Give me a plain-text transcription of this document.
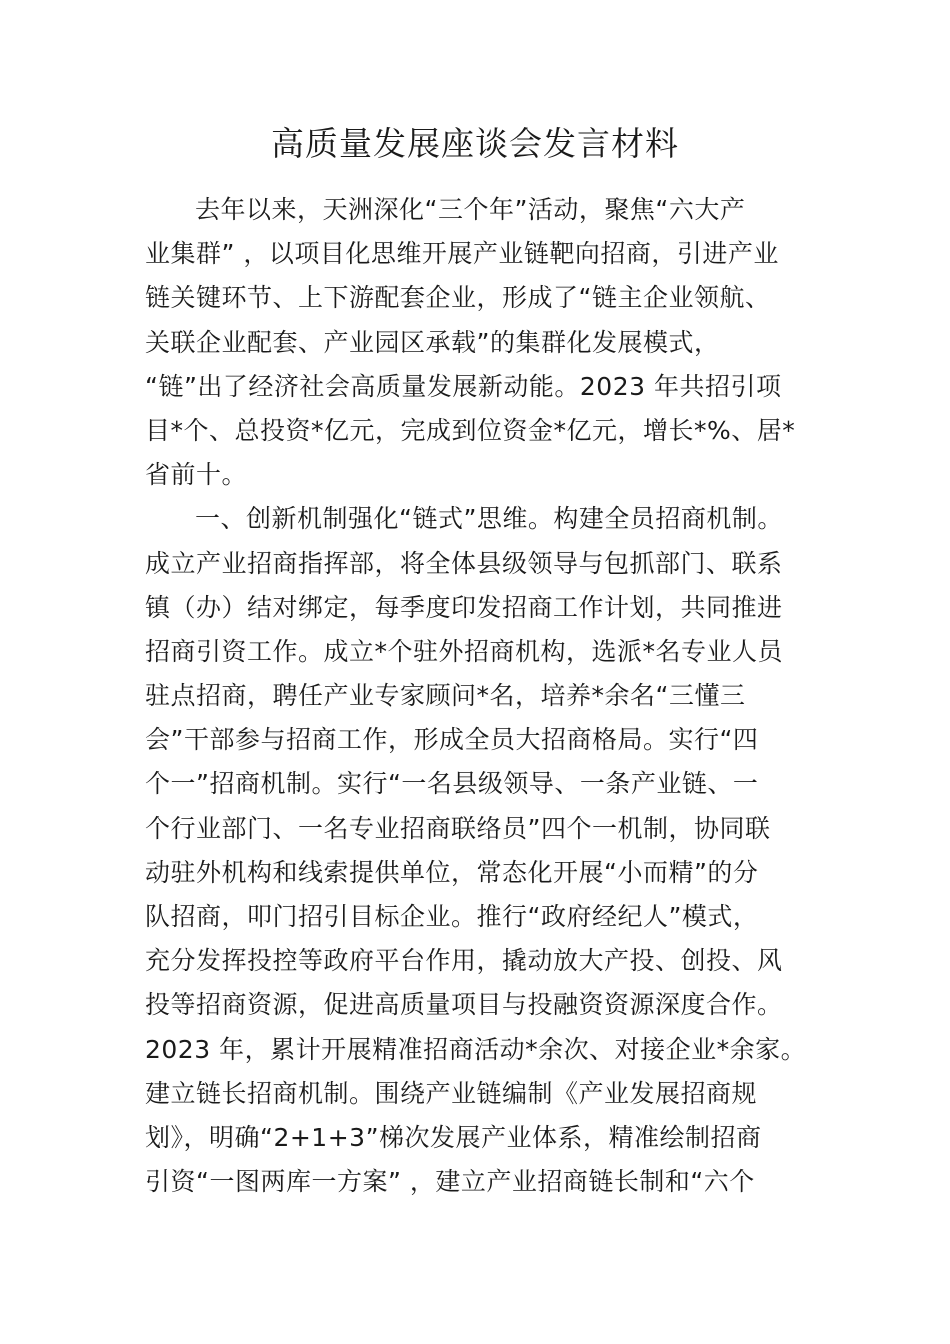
高质量发展座谈会发言材料
去年以来，天洲深化“三个年”活动，聚焦“六大产
业集群” ，以项目化思维开展产业链靶向招商，引进产业
链关键环节、上下游配套企业，形成了“链主企业领航、
关联企业配套、产业园区承载”的集群化发展模式，
“链”出了经济社会高质量发展新动能。2023 年共招引项
目*个、总投资*亿元，完成到位资金*亿元，增长*%、居*
省前十。
一、创新机制强化“链式”思维。构建全员招商机制。
成立产业招商指挥部，将全体县级领导与包抓部门、联系
镇（办）结对绑定，每季度印发招商工作计划，共同推进
招商引资工作。成立*个驻外招商机构，选派*名专业人员
驻点招商，聘任产业专家顾问*名，培养*余名“三懂三
会”干部参与招商工作，形成全员大招商格局。实行“四
个一”招商机制。实行“一名县级领导、一条产业链、一
个行业部门、一名专业招商联络员”四个一机制，协同联
动驻外机构和线索提供单位，常态化开展“小而精”的分
队招商，叩门招引目标企业。推行“政府经纪人”模式，
充分发挥投控等政府平台作用，撬动放大产投、创投、风
投等招商资源，促进高质量项目与投融资资源深度合作。
2023 年，累计开展精准招商活动*余次、对接企业*余家。
建立链长招商机制。围绕产业链编制《产业发展招商规
划》，明确“2+1+3”梯次发展产业体系，精准绘制招商
引资“一图两库一方案” ，建立产业招商链长制和“六个
